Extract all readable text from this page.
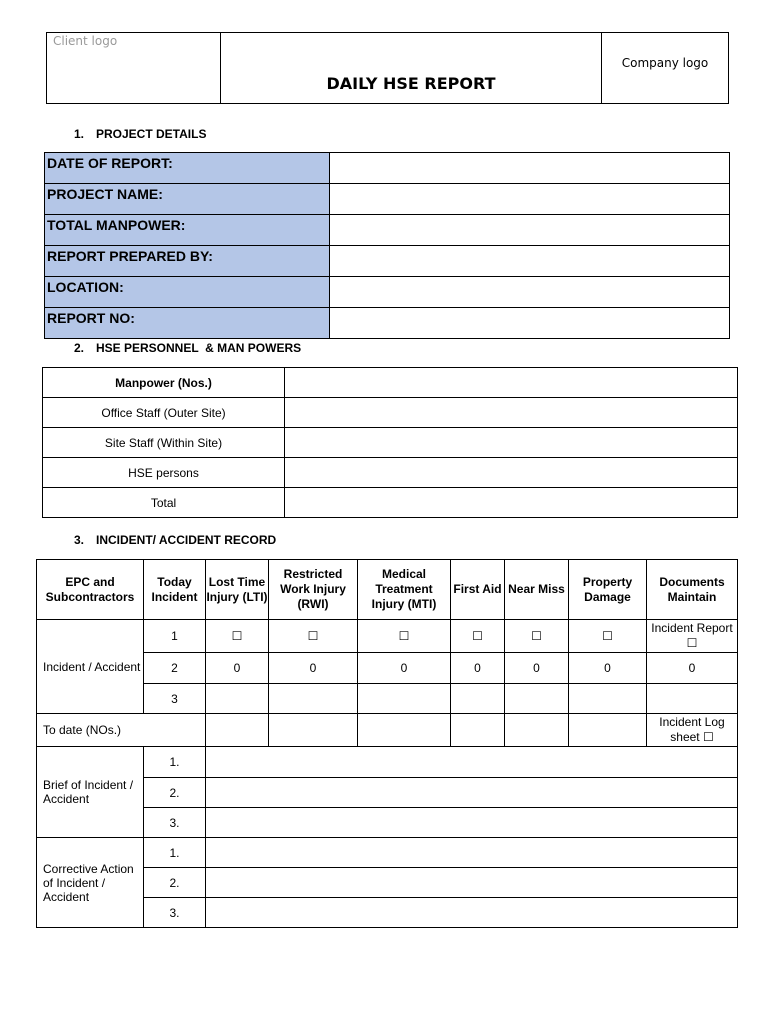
Client logo	DAILY HSE REPORT	Company logo
1. PROJECT DETAILS
DATE OF REPORT:	
PROJECT NAME:	
TOTAL MANPOWER:	
REPORT PREPARED BY:	
LOCATION:	
REPORT NO:	
2. HSE PERSONNEL  & MAN POWERS
Manpower (Nos.)	
Office Staff (Outer Site)	
Site Staff (Within Site)	
HSE persons	
Total	
3. INCIDENT/ ACCIDENT RECORD
EPC and Subcontractors	Today Incident	Lost Time Injury (LTI)	Restricted Work Injury (RWI)	Medical Treatment Injury (MTI)	First Aid	Near Miss	Property Damage	Documents Maintain
Incident / Accident	1	☐	☐	☐	☐	☐	☐	Incident Report ☐
	2	0	0	0	0	0	0	0
	3							
To date (NOs.)								Incident Log sheet ☐
Brief of Incident / Accident	1.							
	2.							
	3.							
Corrective Action of Incident / Accident	1.							
	2.							
	3.							
